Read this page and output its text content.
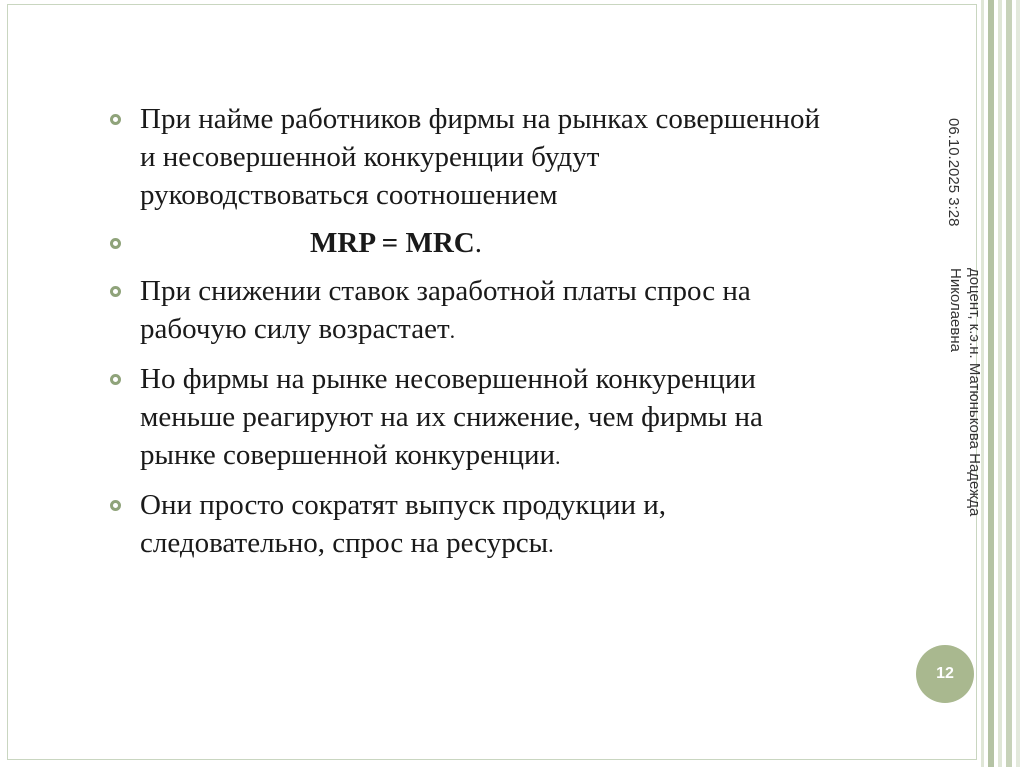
При найме работников фирмы на рынках совершенной и несовершенной конкуренции будут руководствоваться соотношением
MRP = MRC.
При снижении ставок заработной платы спрос на рабочую силу возрастает.
Но фирмы на рынке несовершенной конкуренции меньше реагируют на их снижение, чем фирмы на рынке совершенной конкуренции.
Они просто сократят выпуск продукции и, следовательно, спрос на ресурсы.
06.10.2025 3:28
доцент, к.э.н. Матюнькова Надежда Николаевна
12
